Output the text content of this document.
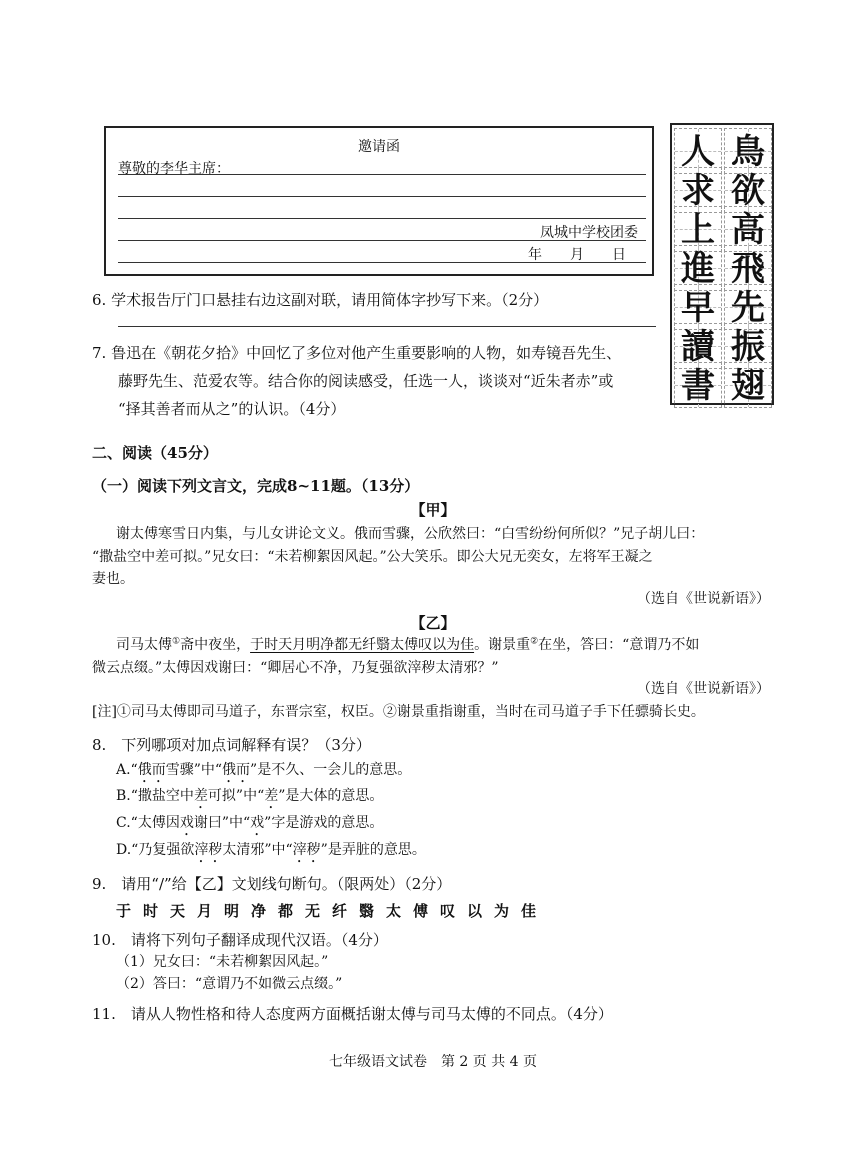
邀请函
尊敬的李华主席：
凤城中学校团委
年　　月　　日
鳥
欲
高
飛
先
振
翅
人
求
上
進
早
讀
書
6. 学术报告厅门口悬挂右边这副对联，请用简体字抄写下来。（2分）
7. 鲁迅在《朝花夕拾》中回忆了多位对他产生重要影响的人物，如寿镜吾先生、
藤野先生、范爱农等。结合你的阅读感受，任选一人，谈谈对“近朱者赤”或
“择其善者而从之”的认识。（4分）
二、阅读（45分）
（一）阅读下列文言文，完成8~11题。（13分）
【甲】
谢太傅寒雪日内集，与儿女讲论文义。俄而雪骤，公欣然曰：“白雪纷纷何所似？”兄子胡儿曰：
“撒盐空中差可拟。”兄女曰：“未若柳絮因风起。”公大笑乐。即公大兄无奕女，左将军王凝之
妻也。
（选自《世说新语》）
【乙】
司马太傅①斋中夜坐，于时天月明净都无纤翳太傅叹以为佳。谢景重②在坐，答曰：“意谓乃不如
微云点缀。”太傅因戏谢曰：“卿居心不净，乃复强欲滓秽太清邪？”
（选自《世说新语》）
[注]①司马太傅即司马道子，东晋宗室，权臣。②谢景重指谢重，当时在司马道子手下任骠骑长史。
8.　下列哪项对加点词解释有误？（3分）
A.“俄而雪骤”中“俄而”是不久、一会儿的意思。
B.“撒盐空中差可拟”中“差”是大体的意思。
C.“太傅因戏谢曰”中“戏”字是游戏的意思。
D.“乃复强欲滓秽太清邪”中“滓秽”是弄脏的意思。
9.　请用“/”给【乙】文划线句断句。（限两处）（2分）
于时天月明净都无纤翳太傅叹以为佳
10.　请将下列句子翻译成现代汉语。（4分）
（1）兄女曰：“未若柳絮因风起。”
（2）答曰：“意谓乃不如微云点缀。”
11.　请从人物性格和待人态度两方面概括谢太傅与司马太傅的不同点。（4分）
七年级语文试卷　第 2 页 共 4 页
